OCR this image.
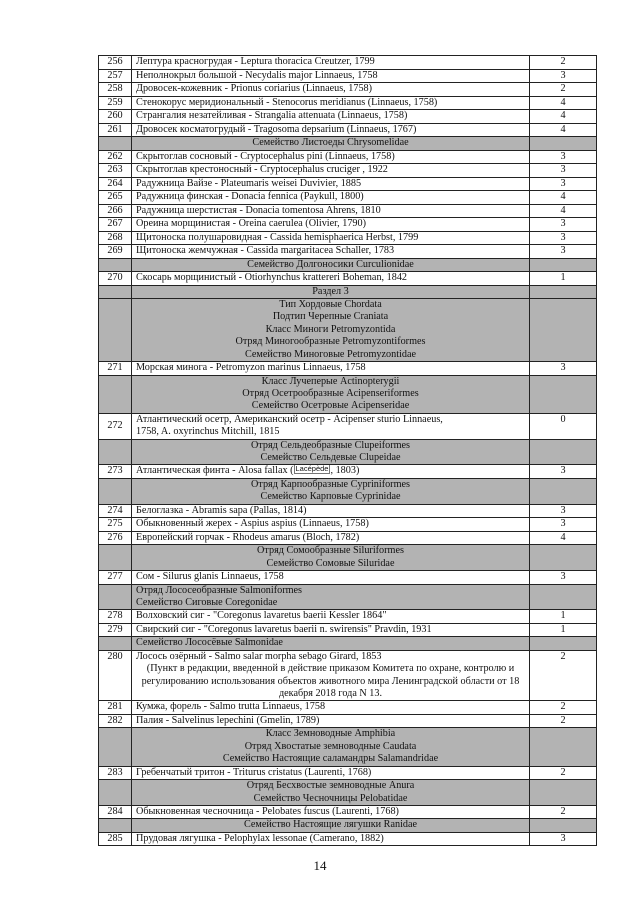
256	Лептура красногрудая - Leptura thoracica Creutzer, 1799	2
257	Неполнокрыл большой - Necydalis major Linnaeus, 1758	3
258	Дровосек-кожевник - Prionus coriarius (Linnaeus, 1758)	2
259	Стенокорус меридиональный - Stenocorus meridianus (Linnaeus, 1758)	4
260	Странгалия незатейливая - Strangalia attenuata (Linnaeus, 1758)	4
261	Дровосек косматогрудый - Tragosoma depsarium (Linnaeus, 1767)	4

	Семейство Листоеды Chrysomelidae	

262	Скрытоглав сосновый - Cryptocephalus pini (Linnaeus, 1758)	3
263	Скрытоглав крестоносный - Cryptocephalus cruciger , 1922	3
264	Радужница Вайзе - Plateumaris weisei Duvivier, 1885	3
265	Радужница финская - Donacia fennica (Paykull, 1800)	4
266	Радужница шерстистая - Donacia tomentosa Ahrens, 1810	4
267	Ореина морщинистая - Oreina caerulea (Olivier, 1790)	3
268	Щитоноска полушаровидная - Cassida hemisphaerica Herbst, 1799	3
269	Щитоноска жемчужная - Cassida margaritacea Schaller, 1783	3

	Семейство Долгоносики Curculionidae	

270	Скосарь морщинистый - Otiorhynchus krattereri Boheman, 1842	1

	Раздел 3	

	Тип Хордовые Chordata
Подтип Черепные Craniata
Класс Миноги Petromyzontida
Отряд Миногообразные Petromyzontiformes
Семейство Миноговые Petromyzontidae	

271	Морская минога - Petromyzon marinus Linnaeus, 1758	3

	Класс Лучеперые Actinopterygii
Отряд Осетрообразные Acipenseriformes
Семейство Осетровые Acipenseridae	

272	Атлантический осетр, Американский осетр - Acipenser sturio Linnaeus,
1758, A. oxyrinchus Mitchill, 1815	0

	Отряд Сельдеобразные Clupeiformes
Семейство Сельдевые Clupeidae	

273	Атлантическая финта - Alosa fallax ( Lacépède , 1803)	3

	Отряд Карпообразные Cypriniformes
Семейство Карповые Cyprinidae	

274	Белоглазка - Abramis sapa (Pallas, 1814)	3
275	Обыкновенный жерех - Aspius aspius (Linnaeus, 1758)	3
276	Европейский горчак - Rhodeus amarus (Bloch, 1782)	4

	Отряд Сомообразные Siluriformes
Семейство Сомовые Siluridae	

277	Сом - Silurus glanis Linnaeus, 1758	3

	Отряд Лососеобразные Salmoniformes
Семейство Сиговые Coregonidae	

278	Волховский сиг - "Coregonus lavaretus baerii Kessler 1864"	1
279	Свирский сиг - "Coregonus lavaretus baerii n. swirensis" Pravdin, 1931	1

	Семейство Лососёвые Salmonidae	

280	Лосось озёрный - Salmo salar morpha sebago Girard, 1853
(Пункт в редакции, введенной в действие приказом Комитета по охране, контролю и регулированию использования объектов животного мира Ленинградской области от 18 декабря 2018 года N 13.	2
281	Кумжа, форель - Salmo trutta Linnaeus, 1758	2
282	Палия - Salvelinus lepechini (Gmelin, 1789)	2

	Класс Земноводные Amphibia
Отряд Хвостатые земноводные Caudata
Семейство Настоящие саламандры Salamandridae	

283	Гребенчатый тритон - Triturus cristatus (Laurenti, 1768)	2

	Отряд Бесхвостые земноводные Anura
Семейство Чесночницы Pelobatidae	

284	Обыкновенная чесночница - Pelobates fuscus (Laurenti, 1768)	2

	Семейство Настоящие лягушки Ranidae	

285	Прудовая лягушка - Pelophylax lessonae (Camerano, 1882)	3
14
